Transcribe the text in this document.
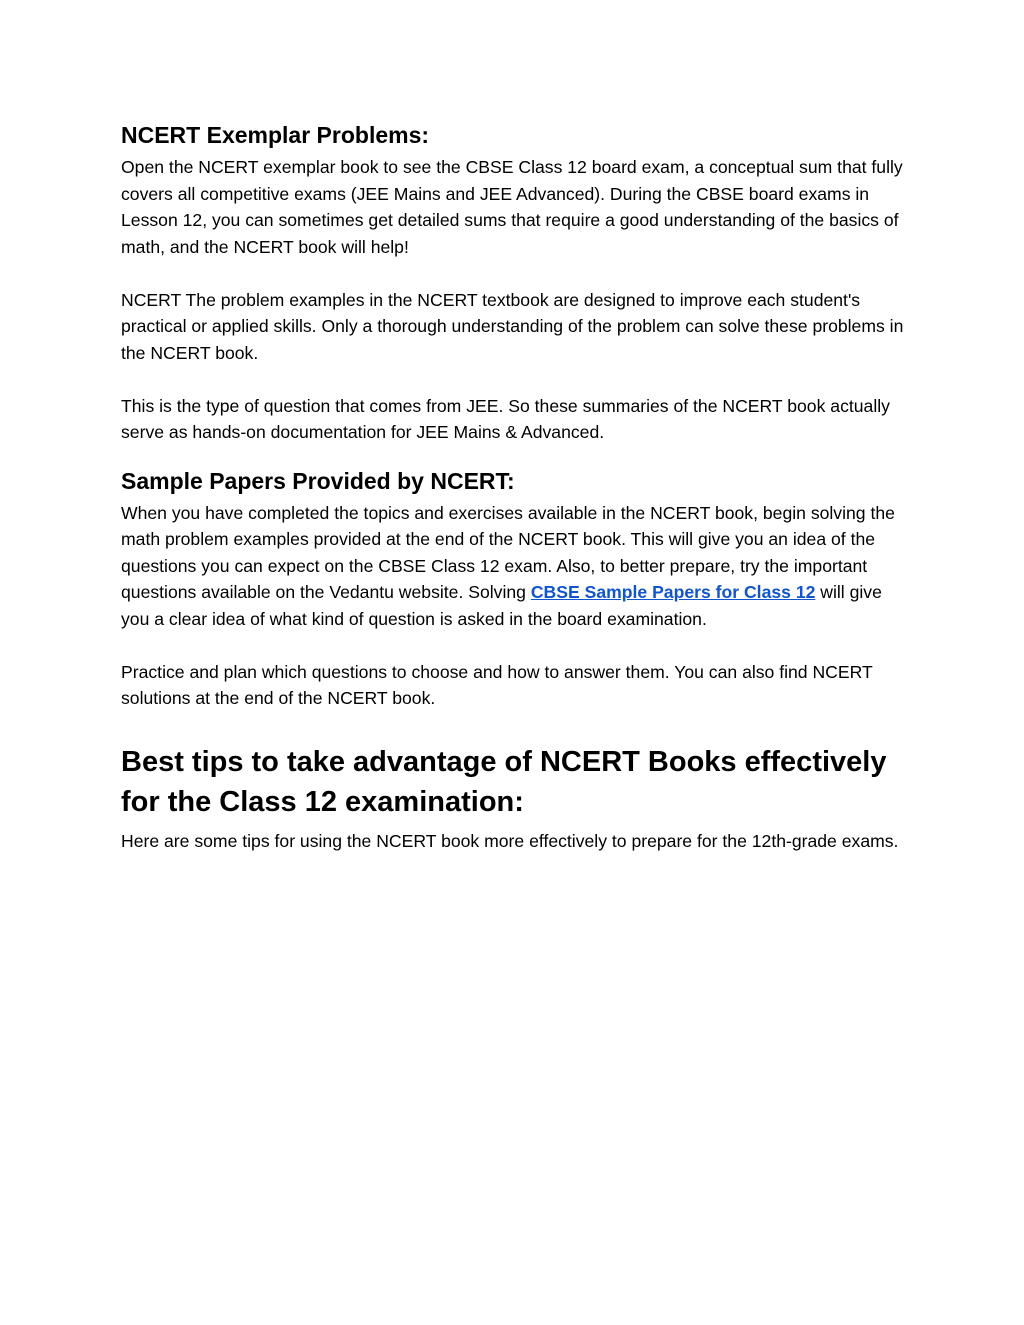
NCERT Exemplar Problems:

Open the NCERT exemplar book to see the CBSE Class 12 board exam, a conceptual sum that fully covers all competitive exams (JEE Mains and JEE Advanced). During the CBSE board exams in Lesson 12, you can sometimes get detailed sums that require a good understanding of the basics of math, and the NCERT book will help!

NCERT The problem examples in the NCERT textbook are designed to improve each student's practical or applied skills. Only a thorough understanding of the problem can solve these problems in the NCERT book.

This is the type of question that comes from JEE. So these summaries of the NCERT book actually serve as hands-on documentation for JEE Mains & Advanced.

Sample Papers Provided by NCERT:

When you have completed the topics and exercises available in the NCERT book, begin solving the math problem examples provided at the end of the NCERT book. This will give you an idea of the questions you can expect on the CBSE Class 12 exam. Also, to better prepare, try the important questions available on the Vedantu website. Solving CBSE Sample Papers for Class 12 will give you a clear idea of what kind of question is asked in the board examination.

Practice and plan which questions to choose and how to answer them. You can also find NCERT solutions at the end of the NCERT book.

Best tips to take advantage of NCERT Books effectively for the Class 12 examination:

Here are some tips for using the NCERT book more effectively to prepare for the 12th-grade exams.
